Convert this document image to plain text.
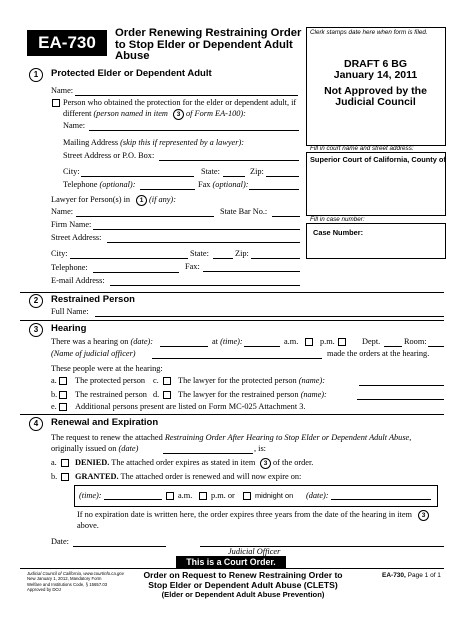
EA-730	Order Renewing Restraining Order
to Stop Elder or Dependent Adult
Abuse
Clerk stamps date here when form is filed.
DRAFT 6 BG
January 14, 2011
Not Approved by the
Judicial Council
Fill in court name and street address:
Superior Court of California, County of
Fill in case number:
Case Number:
1	Protected Elder or Dependent Adult
Name:
Person who obtained the protection for the elder or dependent adult, if
different (person named in item	3 of Form EA-100):
Name:
Mailing Address (skip this if represented by a lawyer):
Street Address or P.O. Box:
City:	State:	Zip:
Telephone (optional):	Fax (optional):
Lawyer for Person(s) in	1 (if any):
Name:	State Bar No.:
Firm Name:
Street Address:
City:	State:	Zip:
Telephone:	Fax:
E-mail Address:
2	Restrained Person
Full Name:
3	Hearing
There was a hearing on (date):	at (time):	a.m.	p.m.	Dept.	Room:
(Name of judicial officer)	made the orders at the hearing.
These people were at the hearing:
a. The protected person c. The lawyer for the protected person (name):
b. The restrained person d. The lawyer for the restrained person (name):
e. Additional persons present are listed on Form MC-025 Attachment 3.
4	Renewal and Expiration
The request to renew the attached Restraining Order After Hearing to Stop Elder or Dependent Adult Abuse,
originally issued on (date)	, is:
a. DENIED. The attached order expires as stated in item	3 of the order.
b. GRANTED. The attached order is renewed and will now expire on:
(time):	a.m. p.m. or	midnight on (date):
If no expiration date is written here, the order expires three years from the date of the hearing in item	3
above.
Date:
Judicial Officer
This is a Court Order.
Judicial Council of California, www.courtinfo.ca.gov
New January 1, 2012, Mandatory Form
Welfare and Institutions Code, § 15657.03
Approved by DOJ
Order on Request to Renew Restraining Order to
Stop Elder or Dependent Adult Abuse (CLETS)
(Elder or Dependent Adult Abuse Prevention)
EA-730, Page 1 of 1
